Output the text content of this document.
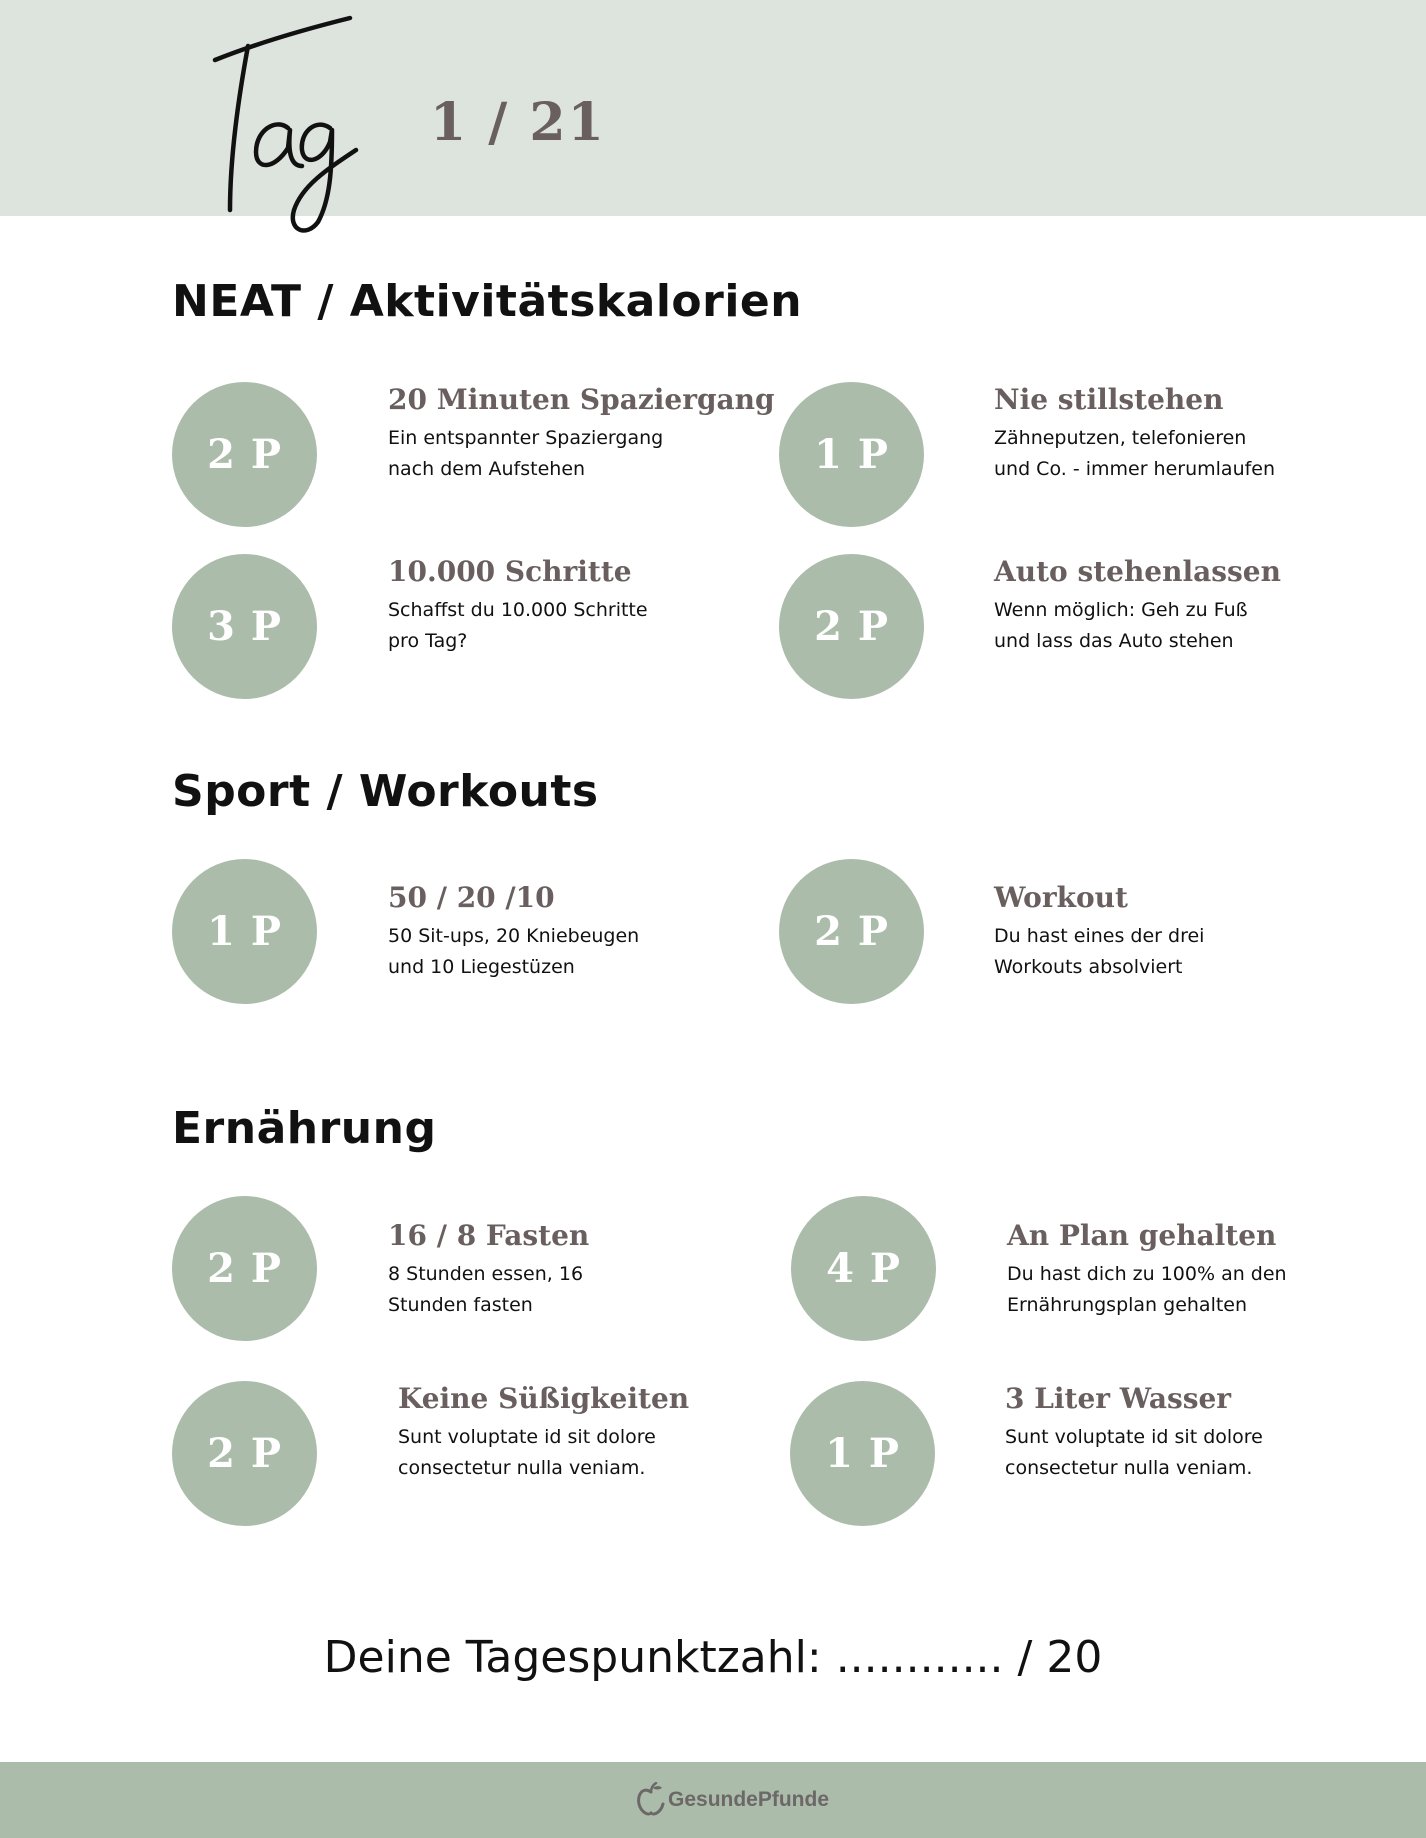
1 / 21
NEAT / Aktivitätskalorien
2 P
20 Minuten Spaziergang
Ein entspannter Spaziergang
nach dem Aufstehen	1 P
Nie stillstehen
Zähneputzen, telefonieren
und Co. - immer herumlaufen
3 P
10.000 Schritte
Schaffst du 10.000 Schritte
pro Tag?	2 P
Auto stehenlassen
Wenn möglich: Geh zu Fuß
und lass das Auto stehen
Sport / Workouts
1 P
50 / 20 /10
50 Sit-ups, 20 Kniebeugen
und 10 Liegestüzen
2 P
Workout
Du hast eines der drei
Workouts absolviert
Ernährung
2 P
16 / 8 Fasten
8 Stunden essen, 16
Stunden fasten
4 P
An Plan gehalten
Du hast dich zu 100% an den
Ernährungsplan gehalten
2 P
Keine Süßigkeiten
Sunt voluptate id sit dolore
consectetur nulla veniam.	1 P
3 Liter Wasser
Sunt voluptate id sit dolore
consectetur nulla veniam.
Deine Tagespunktzahl: ............ / 20
GesundePfunde
